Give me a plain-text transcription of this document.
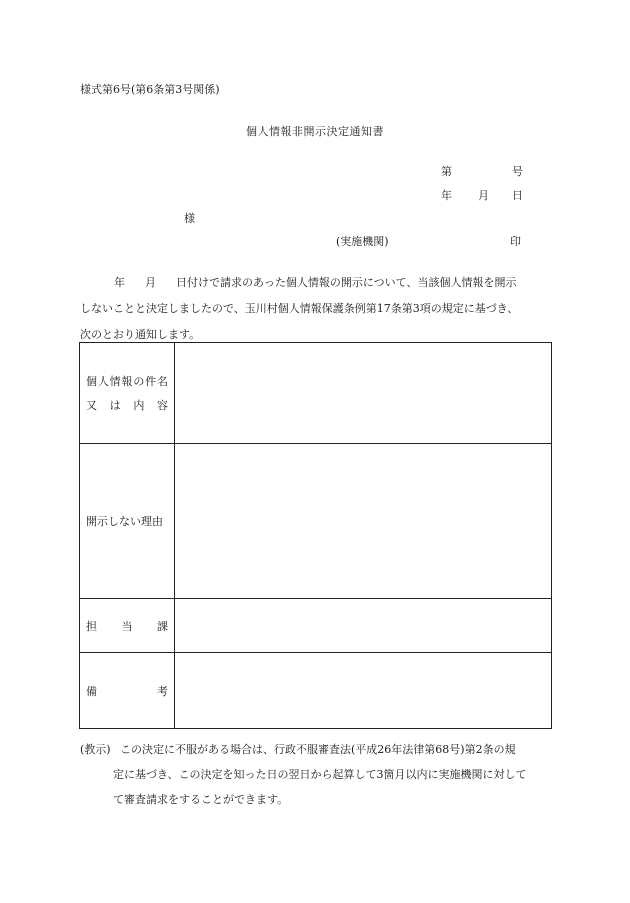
様式第6号(第6条第3号関係)
個人情報非開示決定通知書
第	号
年 月 日
様
(実施機関)	印
年 月 日付けで請求のあった個人情報の開示について、当該個人情報を開示
しないことと決定しましたので、玉川村個人情報保護条例第17条第3項の規定に基づき、
次のとおり通知します。
個人情報の件名
又は内容	

開示しない理由	

担当課	

備考	

(教示) この決定に不服がある場合は、行政不服審査法(平成26年法律第68号)第2条の規
定に基づき、この決定を知った日の翌日から起算して3箇月以内に実施機関に対して
て審査請求をすることができます。
